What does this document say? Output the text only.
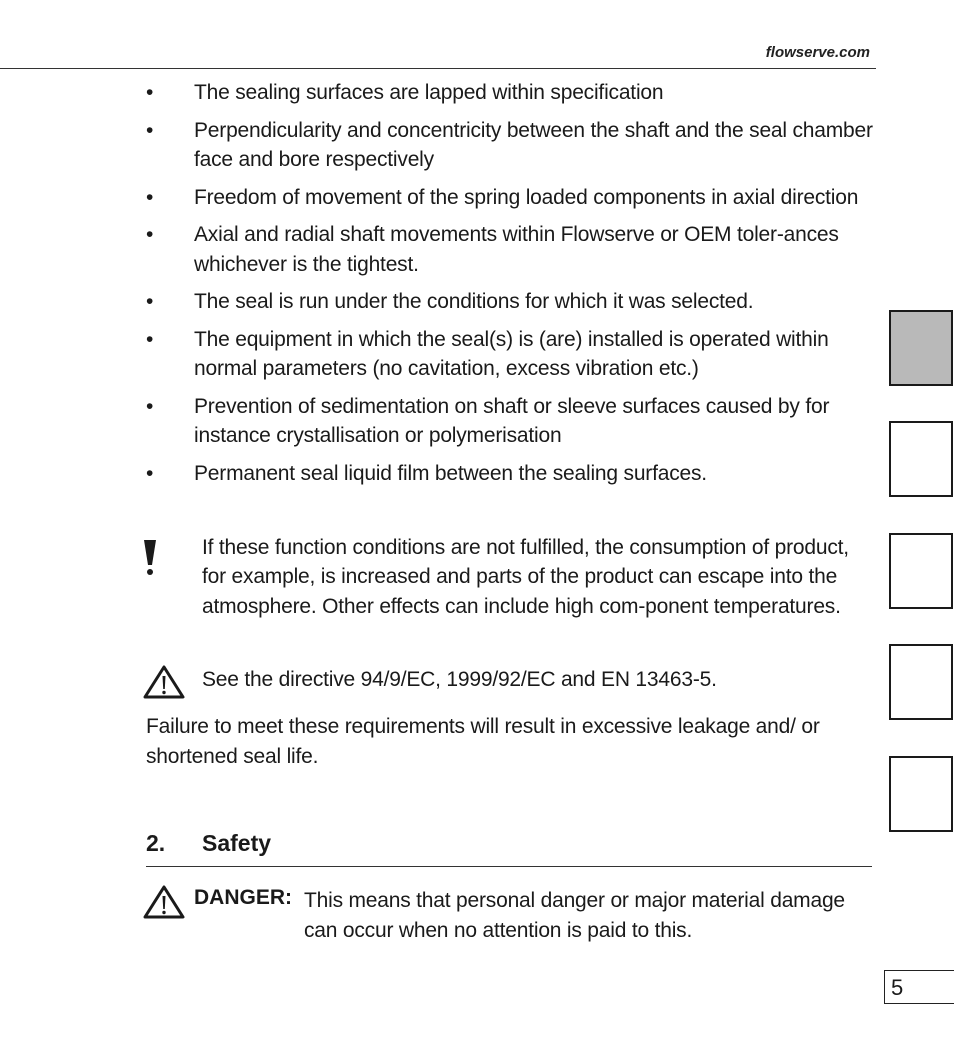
flowserve.com
• The sealing surfaces are lapped within specification
• Perpendicularity and concentricity between the shaft and the seal chamber face and bore respectively
• Freedom of movement of the spring loaded components in axial direction
• Axial and radial shaft movements within Flowserve or OEM toler-ances whichever is the tightest.
• The seal is run under the conditions for which it was selected.
• The equipment in which the seal(s) is (are) installed is operated within normal parameters (no cavitation, excess vibration etc.)
• Prevention of sedimentation on shaft or sleeve surfaces caused by for instance crystallisation or polymerisation
• Permanent seal liquid film between the sealing surfaces.
If these function conditions are not fulfilled, the consumption of product, for example, is increased and parts of the product can escape into the atmosphere. Other effects can include high com-ponent temperatures.
See the directive 94/9/EC, 1999/92/EC and EN 13463-5.
Failure to meet these requirements will result in excessive leakage and/ or shortened seal life.
2. Safety
DANGER: This means that personal danger or major material damage can occur when no attention is paid to this.
5
